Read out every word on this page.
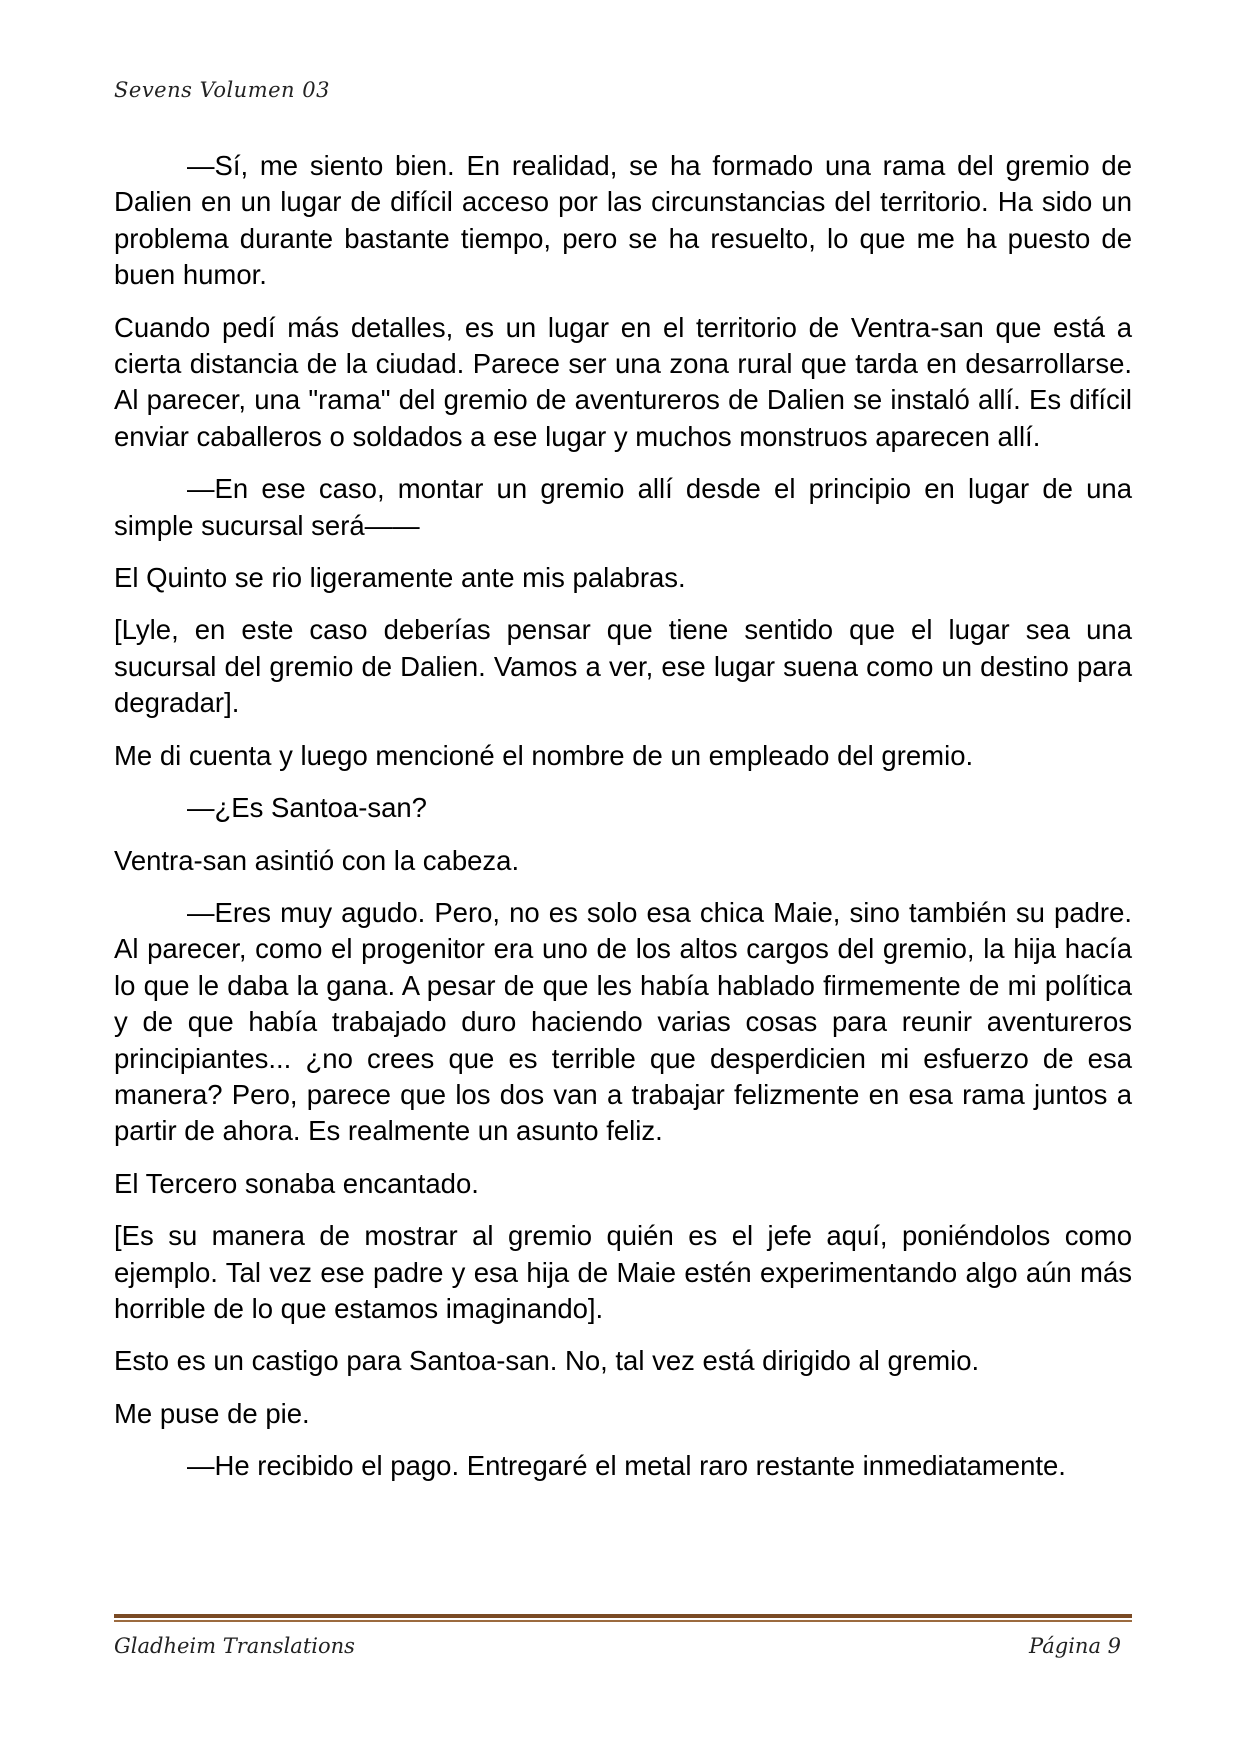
Sevens Volumen 03

—Sí, me siento bien. En realidad, se ha formado una rama del gremio de Dalien en un lugar de difícil acceso por las circunstancias del territorio. Ha sido un problema durante bastante tiempo, pero se ha resuelto, lo que me ha puesto de buen humor.

Cuando pedí más detalles, es un lugar en el territorio de Ventra-san que está a cierta distancia de la ciudad. Parece ser una zona rural que tarda en desarrollarse. Al parecer, una "rama" del gremio de aventureros de Dalien se instaló allí. Es difícil enviar caballeros o soldados a ese lugar y muchos monstruos aparecen allí.

—En ese caso, montar un gremio allí desde el principio en lugar de una simple sucursal será——

El Quinto se rio ligeramente ante mis palabras.

[Lyle, en este caso deberías pensar que tiene sentido que el lugar sea una sucursal del gremio de Dalien. Vamos a ver, ese lugar suena como un destino para degradar].

Me di cuenta y luego mencioné el nombre de un empleado del gremio.

—¿Es Santoa-san?

Ventra-san asintió con la cabeza.

—Eres muy agudo. Pero, no es solo esa chica Maie, sino también su padre. Al parecer, como el progenitor era uno de los altos cargos del gremio, la hija hacía lo que le daba la gana. A pesar de que les había hablado firmemente de mi política y de que había trabajado duro haciendo varias cosas para reunir aventureros principiantes... ¿no crees que es terrible que desperdicien mi esfuerzo de esa manera? Pero, parece que los dos van a trabajar felizmente en esa rama juntos a partir de ahora. Es realmente un asunto feliz.

El Tercero sonaba encantado.

[Es su manera de mostrar al gremio quién es el jefe aquí, poniéndolos como ejemplo. Tal vez ese padre y esa hija de Maie estén experimentando algo aún más horrible de lo que estamos imaginando].

Esto es un castigo para Santoa-san. No, tal vez está dirigido al gremio.

Me puse de pie.

—He recibido el pago. Entregaré el metal raro restante inmediatamente.

Gladheim Translations	Página 9
